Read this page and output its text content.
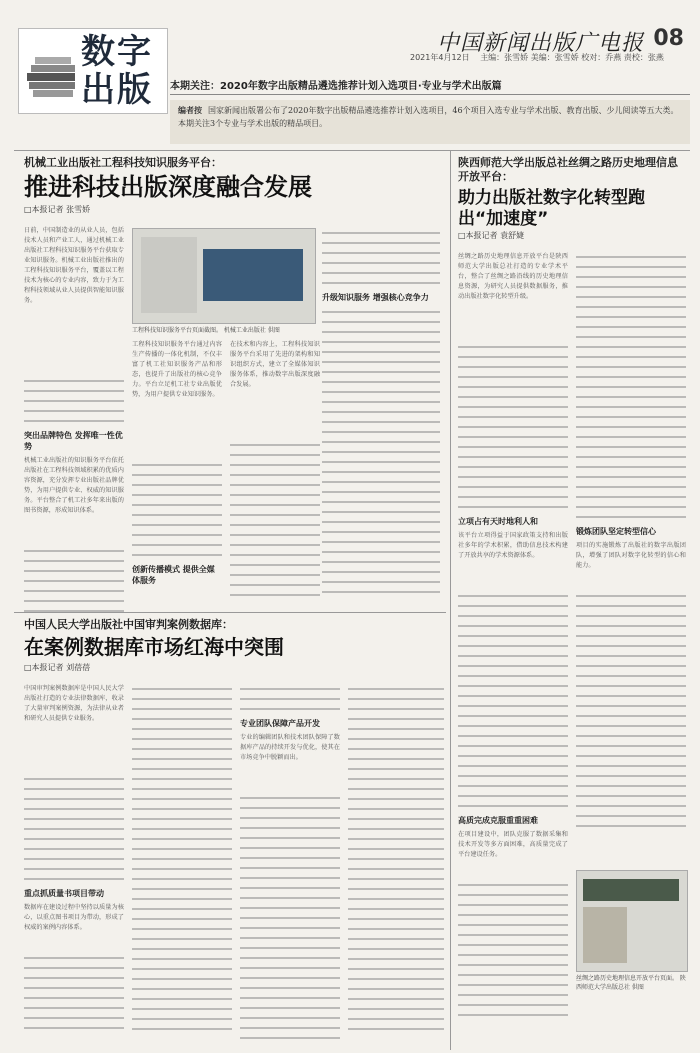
数字
出版
中国新闻出版广电报 08
2021年4月12日 主编：张雪娇 美编：张雪娇 校对：乔燕 责校：张燕
本期关注：2020年数字出版精品遴选推荐计划入选项目·专业与学术出版篇
编者按 国家新闻出版署公布了2020年数字出版精品遴选推荐计划入选项目，46个项目入选专业与学术出版、教育出版、少儿阅读等五大类。本期关注3个专业与学术出版的精品项目。
机械工业出版社工程科技知识服务平台：
推进科技出版深度融合发展
□本报记者 张雪娇
日前，中国制造业的从业人员，包括技术人员和产业工人，通过机械工业出版社工程科技知识服务平台获取专业知识服务。机械工业出版社推出的工程科技知识服务平台，覆盖以工程技术为核心的专业内容，致力于为工程科技领域从业人员提供智能知识服务。
突出品牌特色 发挥唯一性优势
机械工业出版社的知识服务平台依托出版社在工程科技领域积累的优质内容资源，充分发挥专业出版社品牌优势，为用户提供专业、权威的知识服务。平台整合了机工社多年来出版的图书资源，形成知识体系。
工程科技知识服务平台页面截图。 机械工业出版社 供图
工程科技知识服务平台通过内容生产传播的一体化机制，不仅丰富了机工社知识服务产品和形态，也提升了出版社的核心竞争力。平台立足机工社专业出版优势，为用户提供专业知识服务。
创新传播模式 提供全媒体服务
在技术和内容上，工程科技知识服务平台采用了先进的架构和知识组织方式，建立了全媒体知识服务体系，推动数字出版深度融合发展。
升级知识服务 增强核心竞争力
陕西师范大学出版总社丝绸之路历史地理信息开放平台：
助力出版社数字化转型跑出“加速度”
□本报记者 袁舒婕
丝绸之路历史地理信息开放平台是陕西师范大学出版总社打造的专业学术平台，整合了丝绸之路沿线的历史地理信息资源，为研究人员提供数据服务，推动出版社数字化转型升级。
立项占有天时地利人和
该平台立项得益于国家政策支持和出版社多年的学术积累，借助信息技术构建了开放共享的学术资源体系。
高质完成克服重重困难
在项目建设中，团队克服了数据采集和技术开发等多方面困难，高质量完成了平台建设任务。
锻炼团队坚定转型信心
项目的实施锻炼了出版社的数字出版团队，增强了团队对数字化转型的信心和能力。
丝绸之路历史地理信息开放平台页面。 陕西师范大学出版总社 供图
中国人民大学出版社中国审判案例数据库：
在案例数据库市场红海中突围
□本报记者 刘蓓蓓
中国审判案例数据库是中国人民大学出版社打造的专业法律数据库，收录了大量审判案例资源，为法律从业者和研究人员提供专业服务。
重点抓质量书项目带动
数据库在建设过程中坚持以质量为核心，以重点图书项目为带动，形成了权威的案例内容体系。
专业团队保障产品开发
专业的编辑团队和技术团队保障了数据库产品的持续开发与优化，使其在市场竞争中脱颖而出。
